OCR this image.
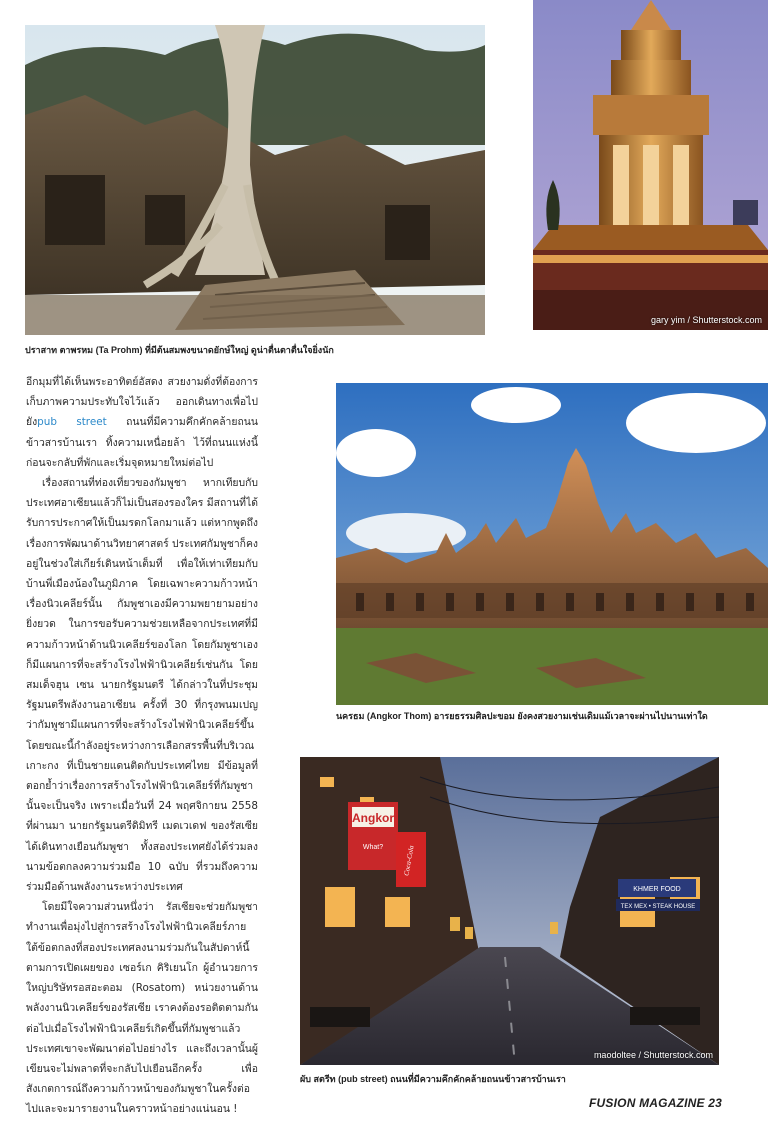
ปราสาท ตาพรหม (Ta Prohm) ที่มีต้นสมพงขนาดยักษ์ใหญ่ ดูน่าตื่นตาตื่นใจยิ่งนัก
gary yim / Shutterstock.com
นครธม (Angkor Thom) อารยธรรมศิลปะขอม ยังคงสวยงามเช่นเดิมแม้เวลาจะผ่านไปนานเท่าใด
Angkor
What?	Coca-Cola
KHMER FOOD
TEX MEX • STEAK HOUSE
maodoltee / Shutterstock.com
ผับ สตรีท (pub street) ถนนที่มีความคึกคักคล้ายถนนข้าวสารบ้านเรา

อีกมุมที่ได้เห็นพระอาทิตย์อัสดง สวยงามดั่งที่ต้องการเก็บภาพความประทับใจไว้แล้ว ออกเดินทางเพื่อไปยังpub street ถนนที่มีความคึกคักคล้ายถนนข้าวสารบ้านเรา ทิ้งความเหนื่อยล้า ไว้ที่ถนนแห่งนี้ก่อนจะกลับที่พักและเริ่มจุดหมายใหม่ต่อไป

เรื่องสถานที่ท่องเที่ยวของกัมพูชา หากเทียบกับประเทศอาเซียนแล้วก็ไม่เป็นสองรองใคร มีสถานที่ได้รับการประกาศให้เป็นมรดกโลกมาแล้ว แต่หากพูดถึงเรื่องการพัฒนาด้านวิทยาศาสตร์ ประเทศกัมพูชาก็คงอยู่ในช่วงใส่เกียร์เดินหน้าเต็มที่ เพื่อให้เท่าเทียมกับบ้านพี่เมืองน้องในภูมิภาค โดยเฉพาะความก้าวหน้าเรื่องนิวเคลียร์นั้น กัมพูชาเองมีความพยายามอย่างยิ่งยวด ในการขอรับความช่วยเหลือจากประเทศที่มีความก้าวหน้าด้านนิวเคลียร์ของโลก โดยกัมพูชาเองก็มีแผนการที่จะสร้างโรงไฟฟ้านิวเคลียร์เช่นกัน โดยสมเด็จฮุน เซน นายกรัฐมนตรี ได้กล่าวในที่ประชุมรัฐมนตรีพลังงานอาเซียน ครั้งที่ 30 ที่กรุงพนมเปญว่ากัมพูชามีแผนการที่จะสร้างโรงไฟฟ้านิวเคลียร์ขึ้น โดยขณะนี้กำลังอยู่ระหว่างการเลือกสรรพื้นที่บริเวณเกาะกง ที่เป็นชายแดนติดกับประเทศไทย มีข้อมูลที่ตอกย้ำว่าเรื่องการสร้างโรงไฟฟ้านิวเคลียร์ที่กัมพูชานั้นจะเป็นจริง เพราะเมื่อวันที่ 24 พฤศจิกายน 2558 ที่ผ่านมา นายกรัฐมนตรีดิมิทรี เมดเวเดฟ ของรัสเซีย ได้เดินทางเยือนกัมพูชา ทั้งสองประเทศยังได้ร่วมลงนามข้อตกลงความร่วมมือ 10 ฉบับ ที่รวมถึงความร่วมมือด้านพลังงานระหว่างประเทศ

โดยมีใจความส่วนหนึ่งว่า รัสเซียจะช่วยกัมพูชาทำงานเพื่อมุ่งไปสู่การสร้างโรงไฟฟ้านิวเคลียร์ภายใต้ข้อตกลงที่สองประเทศลงนามร่วมกันในสัปดาห์นี้ ตามการเปิดเผยของ เซอร์เก คิริเยนโก ผู้อำนวยการใหญ่บริษัทรอสอะตอม (Rosatom) หน่วยงานด้านพลังงานนิวเคลียร์ของรัสเซีย เราคงต้องรอติดตามกันต่อไปเมื่อโรงไฟฟ้านิวเคลียร์เกิดขึ้นที่กัมพูชาแล้วประเทศเขาจะพัฒนาต่อไปอย่างไร และถึงเวลานั้นผู้เขียนจะไม่พลาดที่จะกลับไปเยือนอีกครั้ง เพื่อสังเกตการณ์ถึงความก้าวหน้าของกัมพูชาในครั้งต่อไปและจะมารายงานในคราวหน้าอย่างแน่นอน !	FUSION MAGAZINE 23
